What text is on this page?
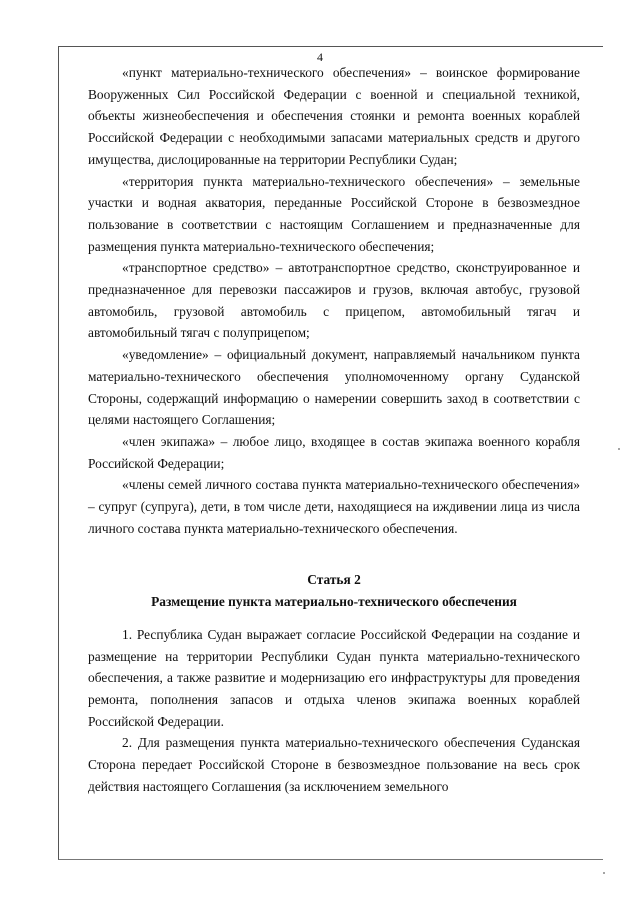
4

«пункт материально-технического обеспечения» – воинское формирование Вооруженных Сил Российской Федерации с военной и специальной техникой, объекты жизнеобеспечения и обеспечения стоянки и ремонта военных кораблей Российской Федерации с необходимыми запасами материальных средств и другого имущества, дислоцированные на территории Республики Судан;

«территория пункта материально-технического обеспечения» – земельные участки и водная акватория, переданные Российской Стороне в безвозмездное пользование в соответствии с настоящим Соглашением и предназначенные для размещения пункта материально-технического обеспечения;

«транспортное средство» – автотранспортное средство, сконструированное и предназначенное для перевозки пассажиров и грузов, включая автобус, грузовой автомобиль, грузовой автомобиль с прицепом, автомобильный тягач и автомобильный тягач с полуприцепом;

«уведомление» – официальный документ, направляемый начальником пункта материально-технического обеспечения уполномоченному органу Суданской Стороны, содержащий информацию о намерении совершить заход в соответствии с целями настоящего Соглашения;

«член экипажа» – любое лицо, входящее в состав экипажа военного корабля Российской Федерации;

«члены семей личного состава пункта материально-технического обеспечения» – супруг (супруга), дети, в том числе дети, находящиеся на иждивении лица из числа личного состава пункта материально-технического обеспечения.

Статья 2

Размещение пункта материально-технического обеспечения

1. Республика Судан выражает согласие Российской Федерации на создание и размещение на территории Республики Судан пункта материально-технического обеспечения, а также развитие и модернизацию его инфраструктуры для проведения ремонта, пополнения запасов и отдыха членов экипажа военных кораблей Российской Федерации.

2. Для размещения пункта материально-технического обеспечения Суданская Сторона передает Российской Стороне в безвозмездное пользование на весь срок действия настоящего Соглашения (за исключением земельного
